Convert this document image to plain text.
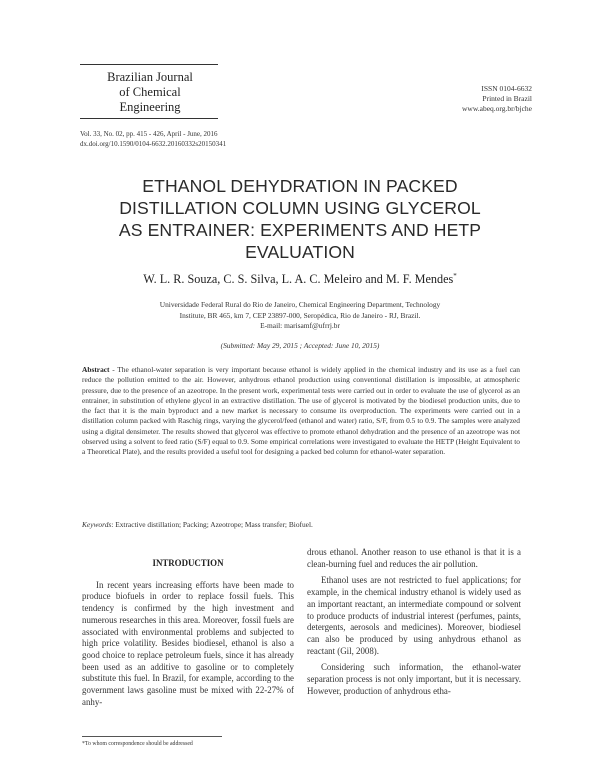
Brazilian Journal
of Chemical
Engineering
ISSN 0104-6632
Printed in Brazil
www.abeq.org.br/bjche
Vol. 33, No. 02, pp. 415 - 426, April - June, 2016
dx.doi.org/10.1590/0104-6632.20160332s20150341
ETHANOL DEHYDRATION IN PACKED
DISTILLATION COLUMN USING GLYCEROL
AS ENTRAINER: EXPERIMENTS AND HETP
EVALUATION
W. L. R. Souza, C. S. Silva, L. A. C. Meleiro and M. F. Mendes*
Universidade Federal Rural do Rio de Janeiro, Chemical Engineering Department, Technology
Institute, BR 465, km 7, CEP 23897-000, Seropédica, Rio de Janeiro - RJ, Brazil.
E-mail: marisamf@ufrrj.br
(Submitted: May 29, 2015 ; Accepted: June 10, 2015)
Abstract - The ethanol-water separation is very important because ethanol is widely applied in the chemical industry and its use as a fuel can reduce the pollution emitted to the air. However, anhydrous ethanol production using conventional distillation is impossible, at atmospheric pressure, due to the presence of an azeotrope. In the present work, experimental tests were carried out in order to evaluate the use of glycerol as an entrainer, in substitution of ethylene glycol in an extractive distillation. The use of glycerol is motivated by the biodiesel production units, due to the fact that it is the main byproduct and a new market is necessary to consume its overproduction. The experiments were carried out in a distillation column packed with Raschig rings, varying the glycerol/feed (ethanol and water) ratio, S/F, from 0.5 to 0.9. The samples were analyzed using a digital densimeter. The results showed that glycerol was effective to promote ethanol dehydration and the presence of an azeotrope was not observed using a solvent to feed ratio (S/F) equal to 0.9. Some empirical correlations were investigated to evaluate the HETP (Height Equivalent to a Theoretical Plate), and the results provided a useful tool for designing a packed bed column for ethanol-water separation.
Keywords: Extractive distillation; Packing; Azeotrope; Mass transfer; Biofuel.
INTRODUCTION

In recent years increasing efforts have been made to produce biofuels in order to replace fossil fuels. This tendency is confirmed by the high investment and numerous researches in this area. Moreover, fossil fuels are associated with environmental problems and subjected to high price volatility. Besides biodiesel, ethanol is also a good choice to replace petroleum fuels, since it has already been used as an additive to gasoline or to completely substitute this fuel. In Brazil, for example, according to the government laws gasoline must be mixed with 22-27% of anhy-

drous ethanol. Another reason to use ethanol is that it is a clean-burning fuel and reduces the air pollution.

Ethanol uses are not restricted to fuel applications; for example, in the chemical industry ethanol is widely used as an important reactant, an intermediate compound or solvent to produce products of industrial interest (perfumes, paints, detergents, aerosols and medicines). Moreover, biodiesel can also be produced by using anhydrous ethanol as reactant (Gil, 2008).

Considering such information, the ethanol-water separation process is not only important, but it is necessary. However, production of anhydrous etha-

*To whom correspondence should be addressed
